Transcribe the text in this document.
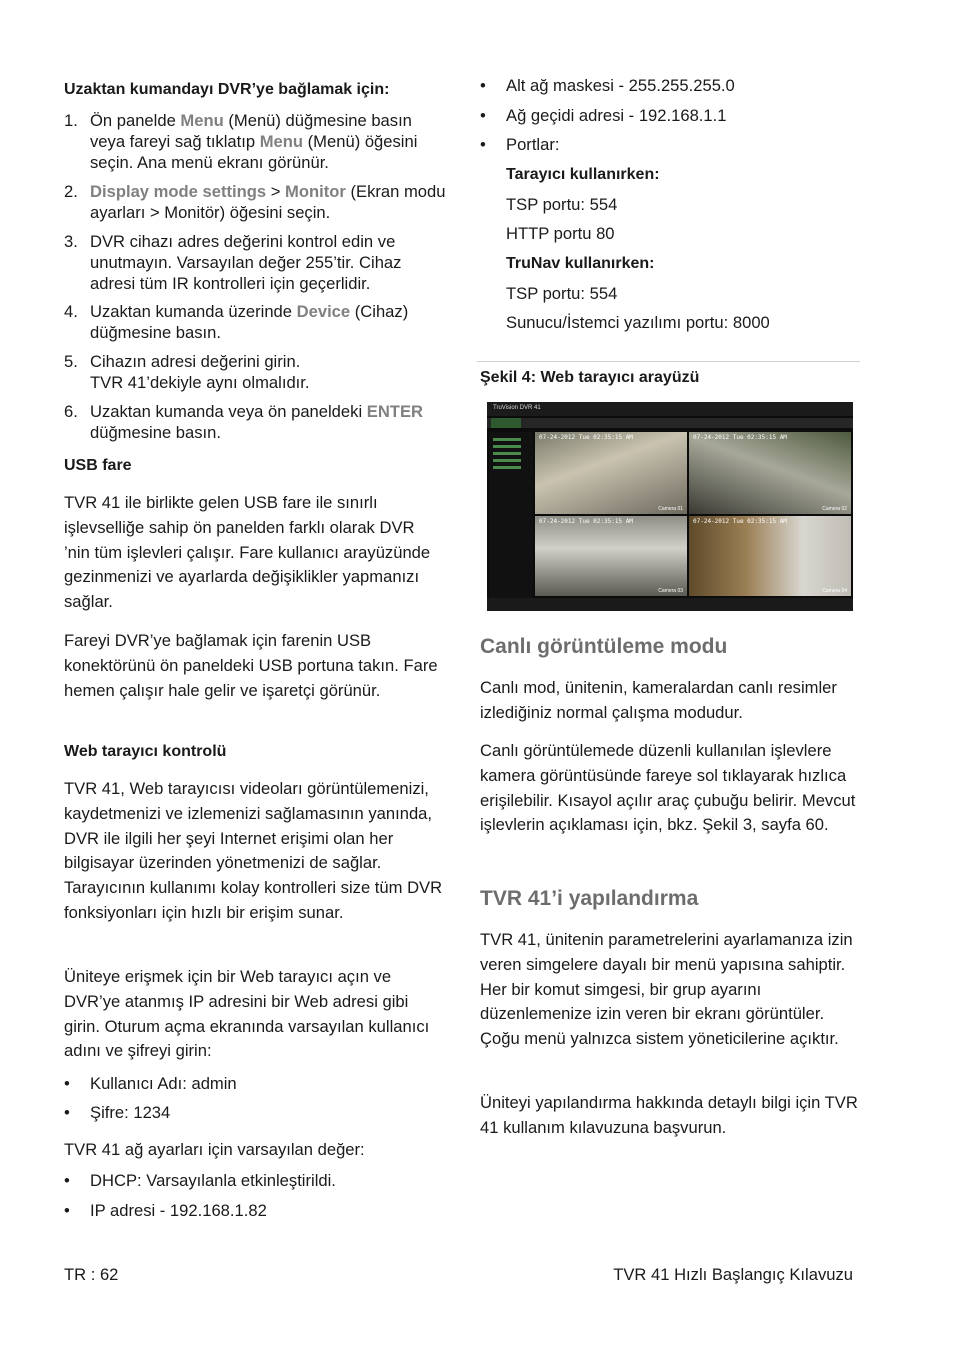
Uzaktan kumandayı DVR’ye bağlamak için:
1. Ön panelde Menu (Menü) düğmesine basın veya fareyi sağ tıklatıp Menu (Menü) öğesini seçin. Ana menü ekranı görünür.
2. Display mode settings > Monitor (Ekran modu ayarları > Monitör) öğesini seçin.
3. DVR cihazı adres değerini kontrol edin ve unutmayın. Varsayılan değer 255’tir. Cihaz adresi tüm IR kontrolleri için geçerlidir.
4. Uzaktan kumanda üzerinde Device (Cihaz) düğmesine basın.
5. Cihazın adresi değerini girin.
TVR 41’dekiyle aynı olmalıdır.
6. Uzaktan kumanda veya ön paneldeki ENTER düğmesine basın.
USB fare

TVR 41 ile birlikte gelen USB fare ile sınırlı işlevselliğe sahip ön panelden farklı olarak DVR ’nin tüm işlevleri çalışır. Fare kullanıcı arayüzünde gezinmenizi ve ayarlarda değişiklikler yapmanızı sağlar.

Fareyi DVR’ye bağlamak için farenin USB konektörünü ön paneldeki USB portuna takın. Fare hemen çalışır hale gelir ve işaretçi görünür.

Web tarayıcı kontrolü

TVR 41, Web tarayıcısı videoları görüntülemenizi, kaydetmenizi ve izlemenizi sağlamasının yanında, DVR ile ilgili her şeyi Internet erişimi olan her bilgisayar üzerinden yönetmenizi de sağlar. Tarayıcının kullanımı kolay kontrolleri size tüm DVR fonksiyonları için hızlı bir erişim sunar.

Üniteye erişmek için bir Web tarayıcı açın ve DVR’ye atanmış IP adresini bir Web adresi gibi girin. Oturum açma ekranında varsayılan kullanıcı adını ve şifreyi girin:

• Kullanıcı Adı: admin
• Şifre: 1234

TVR 41 ağ ayarları için varsayılan değer:

• DHCP: Varsayılanla etkinleştirildi.
• IP adresi - 192.168.1.82
• Alt ağ maskesi - 255.255.255.0
• Ağ geçidi adresi - 192.168.1.1
• Portlar:
Tarayıcı kullanırken:
TSP portu: 554
HTTP portu 80
TruNav kullanırken:
TSP portu: 554
Sunucu/İstemci yazılımı portu: 8000
Şekil 4: Web tarayıcı arayüzü
TruVision DVR 41
07-24-2012 Tue 02:35:15 AM
Camera 01
07-24-2012 Tue 02:35:15 AM
Camera 02
07-24-2012 Tue 02:35:15 AM
Camera 03
07-24-2012 Tue 02:35:15 AM
Camera 04
Canlı görüntüleme modu

Canlı mod, ünitenin, kameralardan canlı resimler izlediğiniz normal çalışma modudur.

Canlı görüntülemede düzenli kullanılan işlevlere kamera görüntüsünde fareye sol tıklayarak hızlıca erişilebilir. Kısayol açılır araç çubuğu belirir. Mevcut işlevlerin açıklaması için, bkz. Şekil 3, sayfa 60.

TVR 41’i yapılandırma

TVR 41, ünitenin parametrelerini ayarlamanıza izin veren simgelere dayalı bir menü yapısına sahiptir. Her bir komut simgesi, bir grup ayarını düzenlemenize izin veren bir ekranı görüntüler. Çoğu menü yalnızca sistem yöneticilerine açıktır.

Üniteyi yapılandırma hakkında detaylı bilgi için TVR 41 kullanım kılavuzuna başvurun.

TR : 62	TVR 41 Hızlı Başlangıç Kılavuzu
